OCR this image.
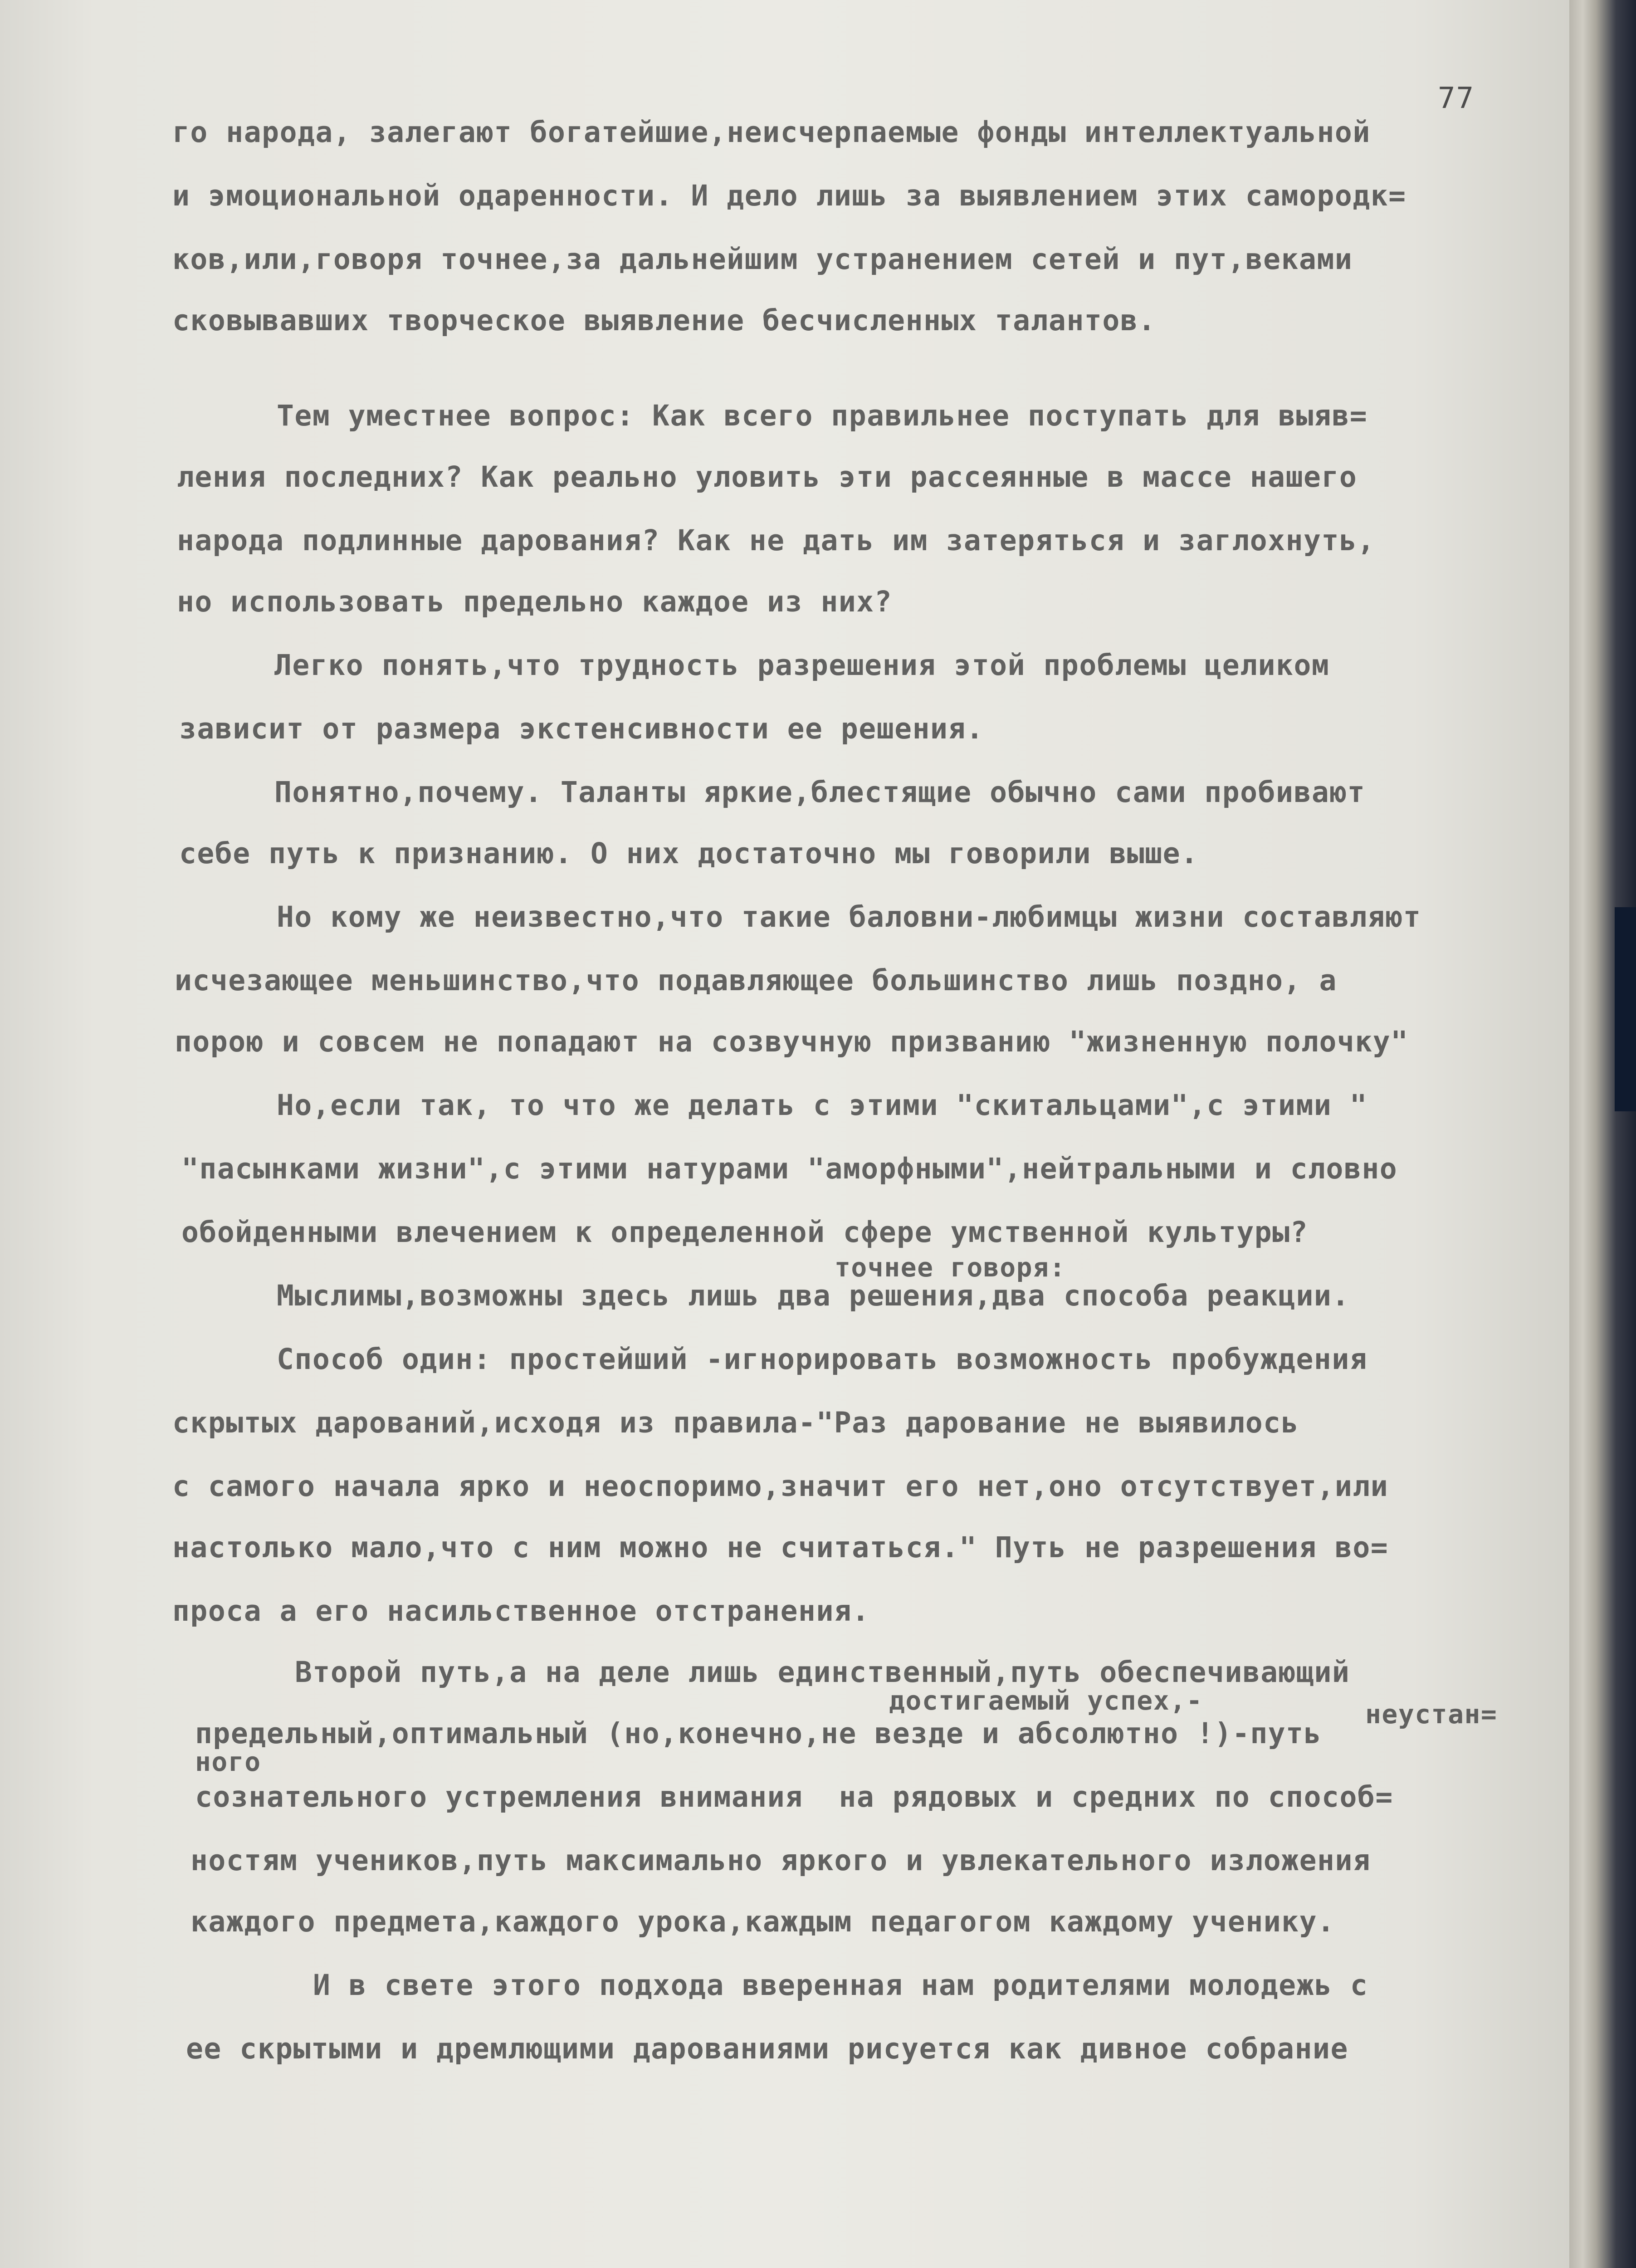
77
го народа, залегают богатейшие,неисчерпаемые фонды интеллектуальной
и эмоциональной одаренности. И дело лишь за выявлением этих самородк=
ков,или,говоря точнее,за дальнейшим устранением сетей и пут,веками
сковывавших творческое выявление бесчисленных талантов.
Тем уместнее вопрос: Как всего правильнее поступать для выяв=
ления последних? Как реально уловить эти рассеянные в массе нашего
народа подлинные дарования? Как не дать им затеряться и заглохнуть,
но использовать предельно каждое из них?
Легко понять,что трудность разрешения этой проблемы целиком
зависит от размера экстенсивности ее решения.
Понятно,почему. Таланты яркие,блестящие обычно сами пробивают
себе путь к признанию. О них достаточно мы говорили выше.
Но кому же неизвестно,что такие баловни-любимцы жизни составляют
исчезающее меньшинство,что подавляющее большинство лишь поздно, а
порою и совсем не попадают на созвучную призванию "жизненную полочку"
Но,если так, то что же делать с этими "скитальцами",с этими "
"пасынками жизни",с этими натурами "аморфными",нейтральными и словно
обойденными влечением к определенной сфере умственной культуры?
точнее говоря:
Мыслимы,возможны здесь лишь два решения,два способа реакции.
Способ один: простейший -игнорировать возможность пробуждения
скрытых дарований,исходя из правила-"Раз дарование не выявилось
с самого начала ярко и неоспоримо,значит его нет,оно отсутствует,или
настолько мало,что с ним можно не считаться." Путь не разрешения во=
проса а его насильственное отстранения.
Второй путь,а на деле лишь единственный,путь обеспечивающий
достигаемый успех,-	неустан=
предельный,оптимальный (но,конечно,не везде и абсолютно !)-путь
ного
сознательного устремления внимания  на рядовых и средних по способ=
ностям учеников,путь максимально яркого и увлекательного изложения
каждого предмета,каждого урока,каждым педагогом каждому ученику.
И в свете этого подхода вверенная нам родителями молодежь с
ее скрытыми и дремлющими дарованиями рисуется как дивное собрание
